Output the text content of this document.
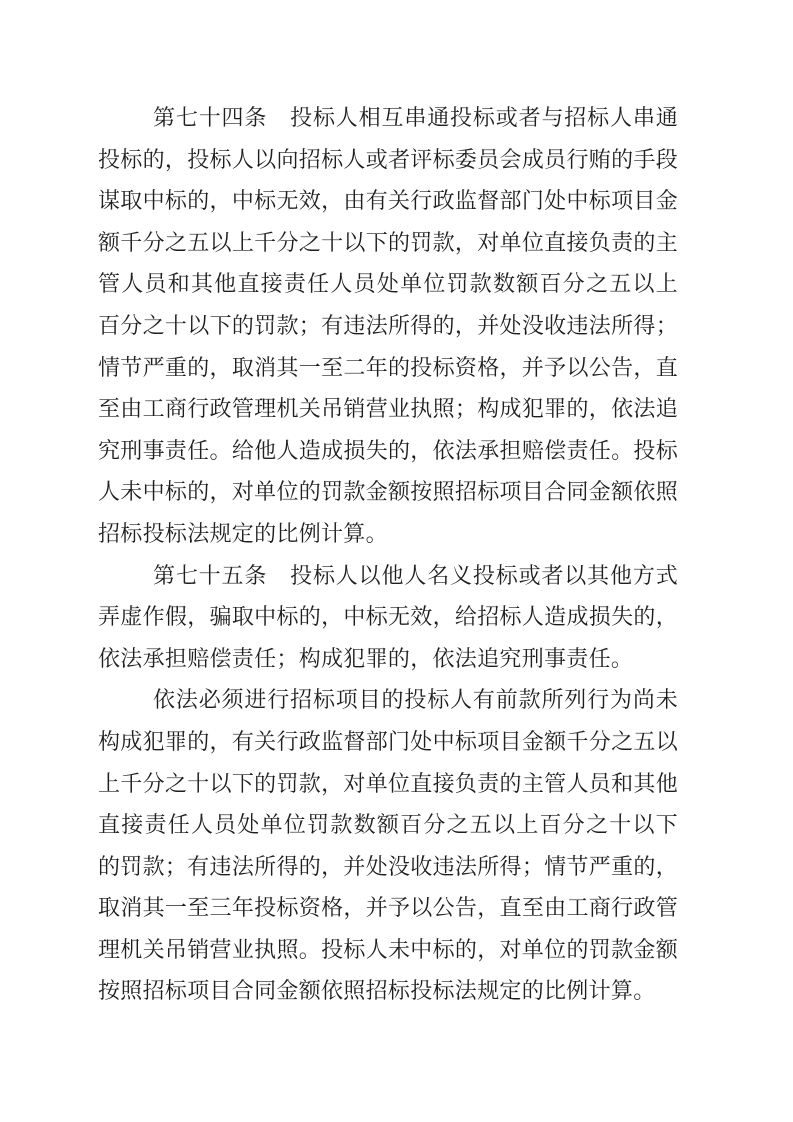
第七十四条　投标人相互串通投标或者与招标人串通
投标的，投标人以向招标人或者评标委员会成员行贿的手段
谋取中标的，中标无效，由有关行政监督部门处中标项目金
额千分之五以上千分之十以下的罚款，对单位直接负责的主
管人员和其他直接责任人员处单位罚款数额百分之五以上
百分之十以下的罚款；有违法所得的，并处没收违法所得；
情节严重的，取消其一至二年的投标资格，并予以公告，直
至由工商行政管理机关吊销营业执照；构成犯罪的，依法追
究刑事责任。给他人造成损失的，依法承担赔偿责任。投标
人未中标的，对单位的罚款金额按照招标项目合同金额依照
招标投标法规定的比例计算。
第七十五条　投标人以他人名义投标或者以其他方式
弄虚作假，骗取中标的，中标无效，给招标人造成损失的，
依法承担赔偿责任；构成犯罪的，依法追究刑事责任。
依法必须进行招标项目的投标人有前款所列行为尚未
构成犯罪的，有关行政监督部门处中标项目金额千分之五以
上千分之十以下的罚款，对单位直接负责的主管人员和其他
直接责任人员处单位罚款数额百分之五以上百分之十以下
的罚款；有违法所得的，并处没收违法所得；情节严重的，
取消其一至三年投标资格，并予以公告，直至由工商行政管
理机关吊销营业执照。投标人未中标的，对单位的罚款金额
按照招标项目合同金额依照招标投标法规定的比例计算。
